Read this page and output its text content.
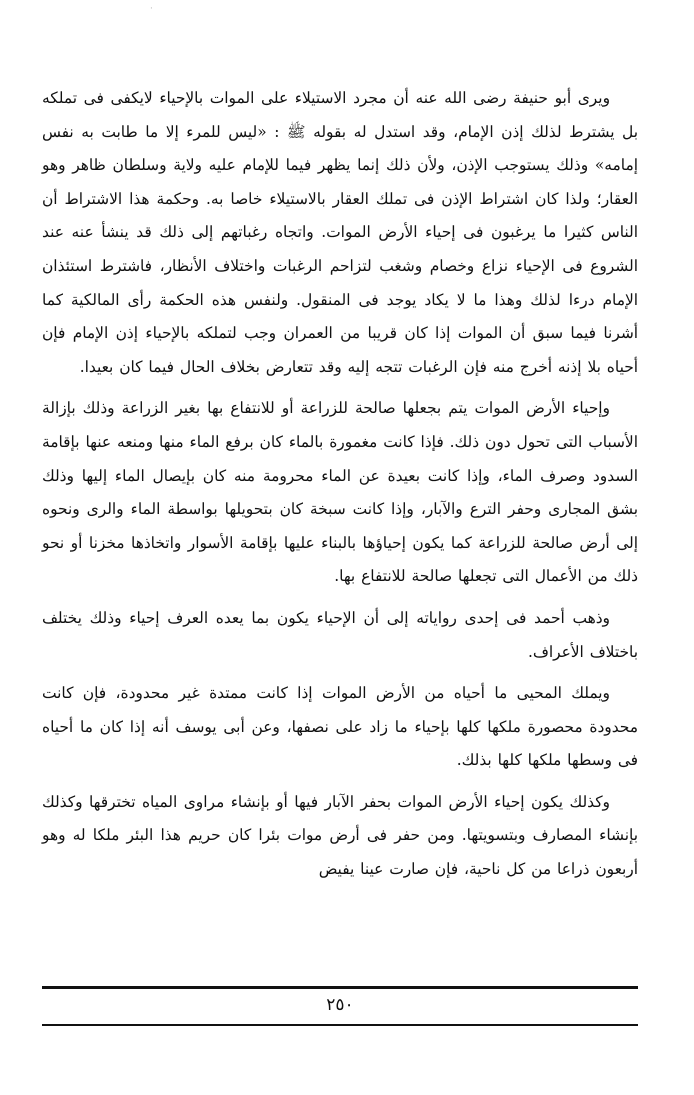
·

ويرى أبو حنيفة رضى الله عنه أن مجرد الاستيلاء على الموات بالإحياء لايكفى فى تملكه بل يشترط لذلك إذن الإمام، وقد استدل له بقوله ﷺ : «ليس للمرء إلا ما طابت به نفس إمامه» وذلك يستوجب الإذن، ولأن ذلك إنما يظهر فيما للإمام عليه ولاية وسلطان ظاهر وهو العقار؛ ولذا كان اشتراط الإذن فى تملك العقار بالاستيلاء خاصا به. وحكمة هذا الاشتراط أن الناس كثيرا ما يرغبون فى إحياء الأرض الموات. واتجاه رغباتهم إلى ذلك قد ينشأ عنه عند الشروع فى الإحياء نزاع وخصام وشغب لتزاحم الرغبات واختلاف الأنظار، فاشترط استئذان الإمام درءا لذلك وهذا ما لا يكاد يوجد فى المنقول. ولنفس هذه الحكمة رأى المالكية كما أشرنا فيما سبق أن الموات إذا كان قريبا من العمران وجب لتملكه بالإحياء إذن الإمام فإن أحياه بلا إذنه أخرج منه فإن الرغبات تتجه إليه وقد تتعارض بخلاف الحال فيما كان بعيدا.

وإحياء الأرض الموات يتم بجعلها صالحة للزراعة أو للانتفاع بها بغير الزراعة وذلك بإزالة الأسباب التى تحول دون ذلك. فإذا كانت مغمورة بالماء كان برفع الماء منها ومنعه عنها بإقامة السدود وصرف الماء، وإذا كانت بعيدة عن الماء محرومة منه كان بإيصال الماء إليها وذلك بشق المجارى وحفر الترع والآبار، وإذا كانت سبخة كان بتحويلها بواسطة الماء والرى ونحوه إلى أرض صالحة للزراعة كما يكون إحياؤها بالبناء عليها بإقامة الأسوار واتخاذها مخزنا أو نحو ذلك من الأعمال التى تجعلها صالحة للانتفاع بها.

وذهب أحمد فى إحدى رواياته إلى أن الإحياء يكون بما يعده العرف إحياء وذلك يختلف باختلاف الأعراف.

ويملك المحيى ما أحياه من الأرض الموات إذا كانت ممتدة غير محدودة، فإن كانت محدودة محصورة ملكها كلها بإحياء ما زاد على نصفها، وعن أبى يوسف أنه إذا كان ما أحياه فى وسطها ملكها كلها بذلك.

وكذلك يكون إحياء الأرض الموات بحفر الآبار فيها أو بإنشاء مراوى المياه تخترقها وكذلك بإنشاء المصارف وبتسويتها. ومن حفر فى أرض موات بئرا كان حريم هذا البئر ملكا له وهو أربعون ذراعا من كل ناحية، فإن صارت عينا يفيض

٢٥٠
